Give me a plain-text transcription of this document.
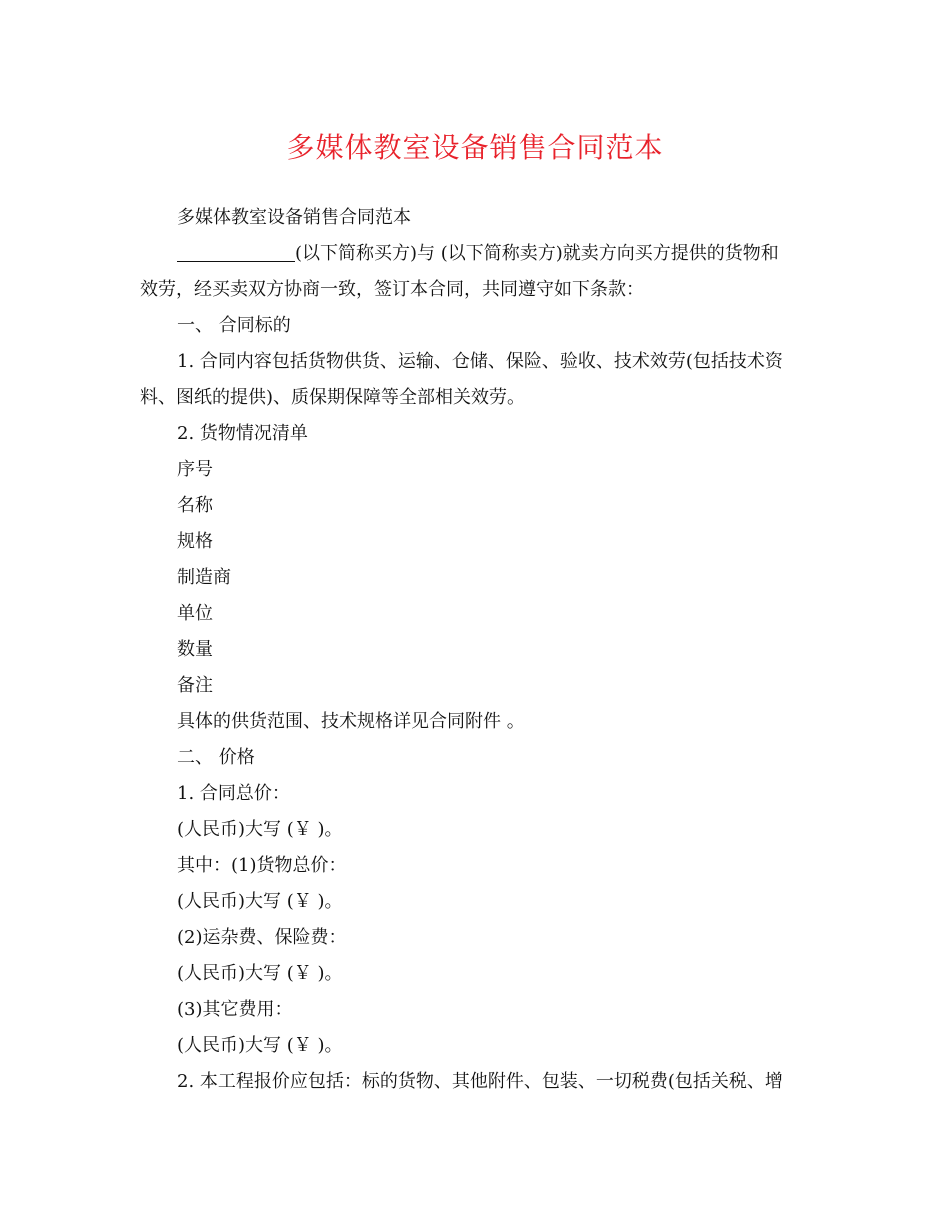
多媒体教室设备销售合同范本

多媒体教室设备销售合同范本

(以下简称买方)与 (以下简称卖方)就卖方向买方提供的货物和

效劳，经买卖双方协商一致，签订本合同，共同遵守如下条款：

一、 合同标的

1. 合同内容包括货物供货、运输、仓储、保险、验收、技术效劳(包括技术资

料、图纸的提供)、质保期保障等全部相关效劳。

2. 货物情况清单

序号

名称

规格

制造商

单位

数量

备注

具体的供货范围、技术规格详见合同附件 。

二、 价格

1. 合同总价：

(人民币)大写 (￥ )。

其中：(1)货物总价：

(人民币)大写 (￥ )。

(2)运杂费、保险费：

(人民币)大写 (￥ )。

(3)其它费用：

(人民币)大写 (￥ )。

2. 本工程报价应包括：标的货物、其他附件、包装、一切税费(包括关税、增
